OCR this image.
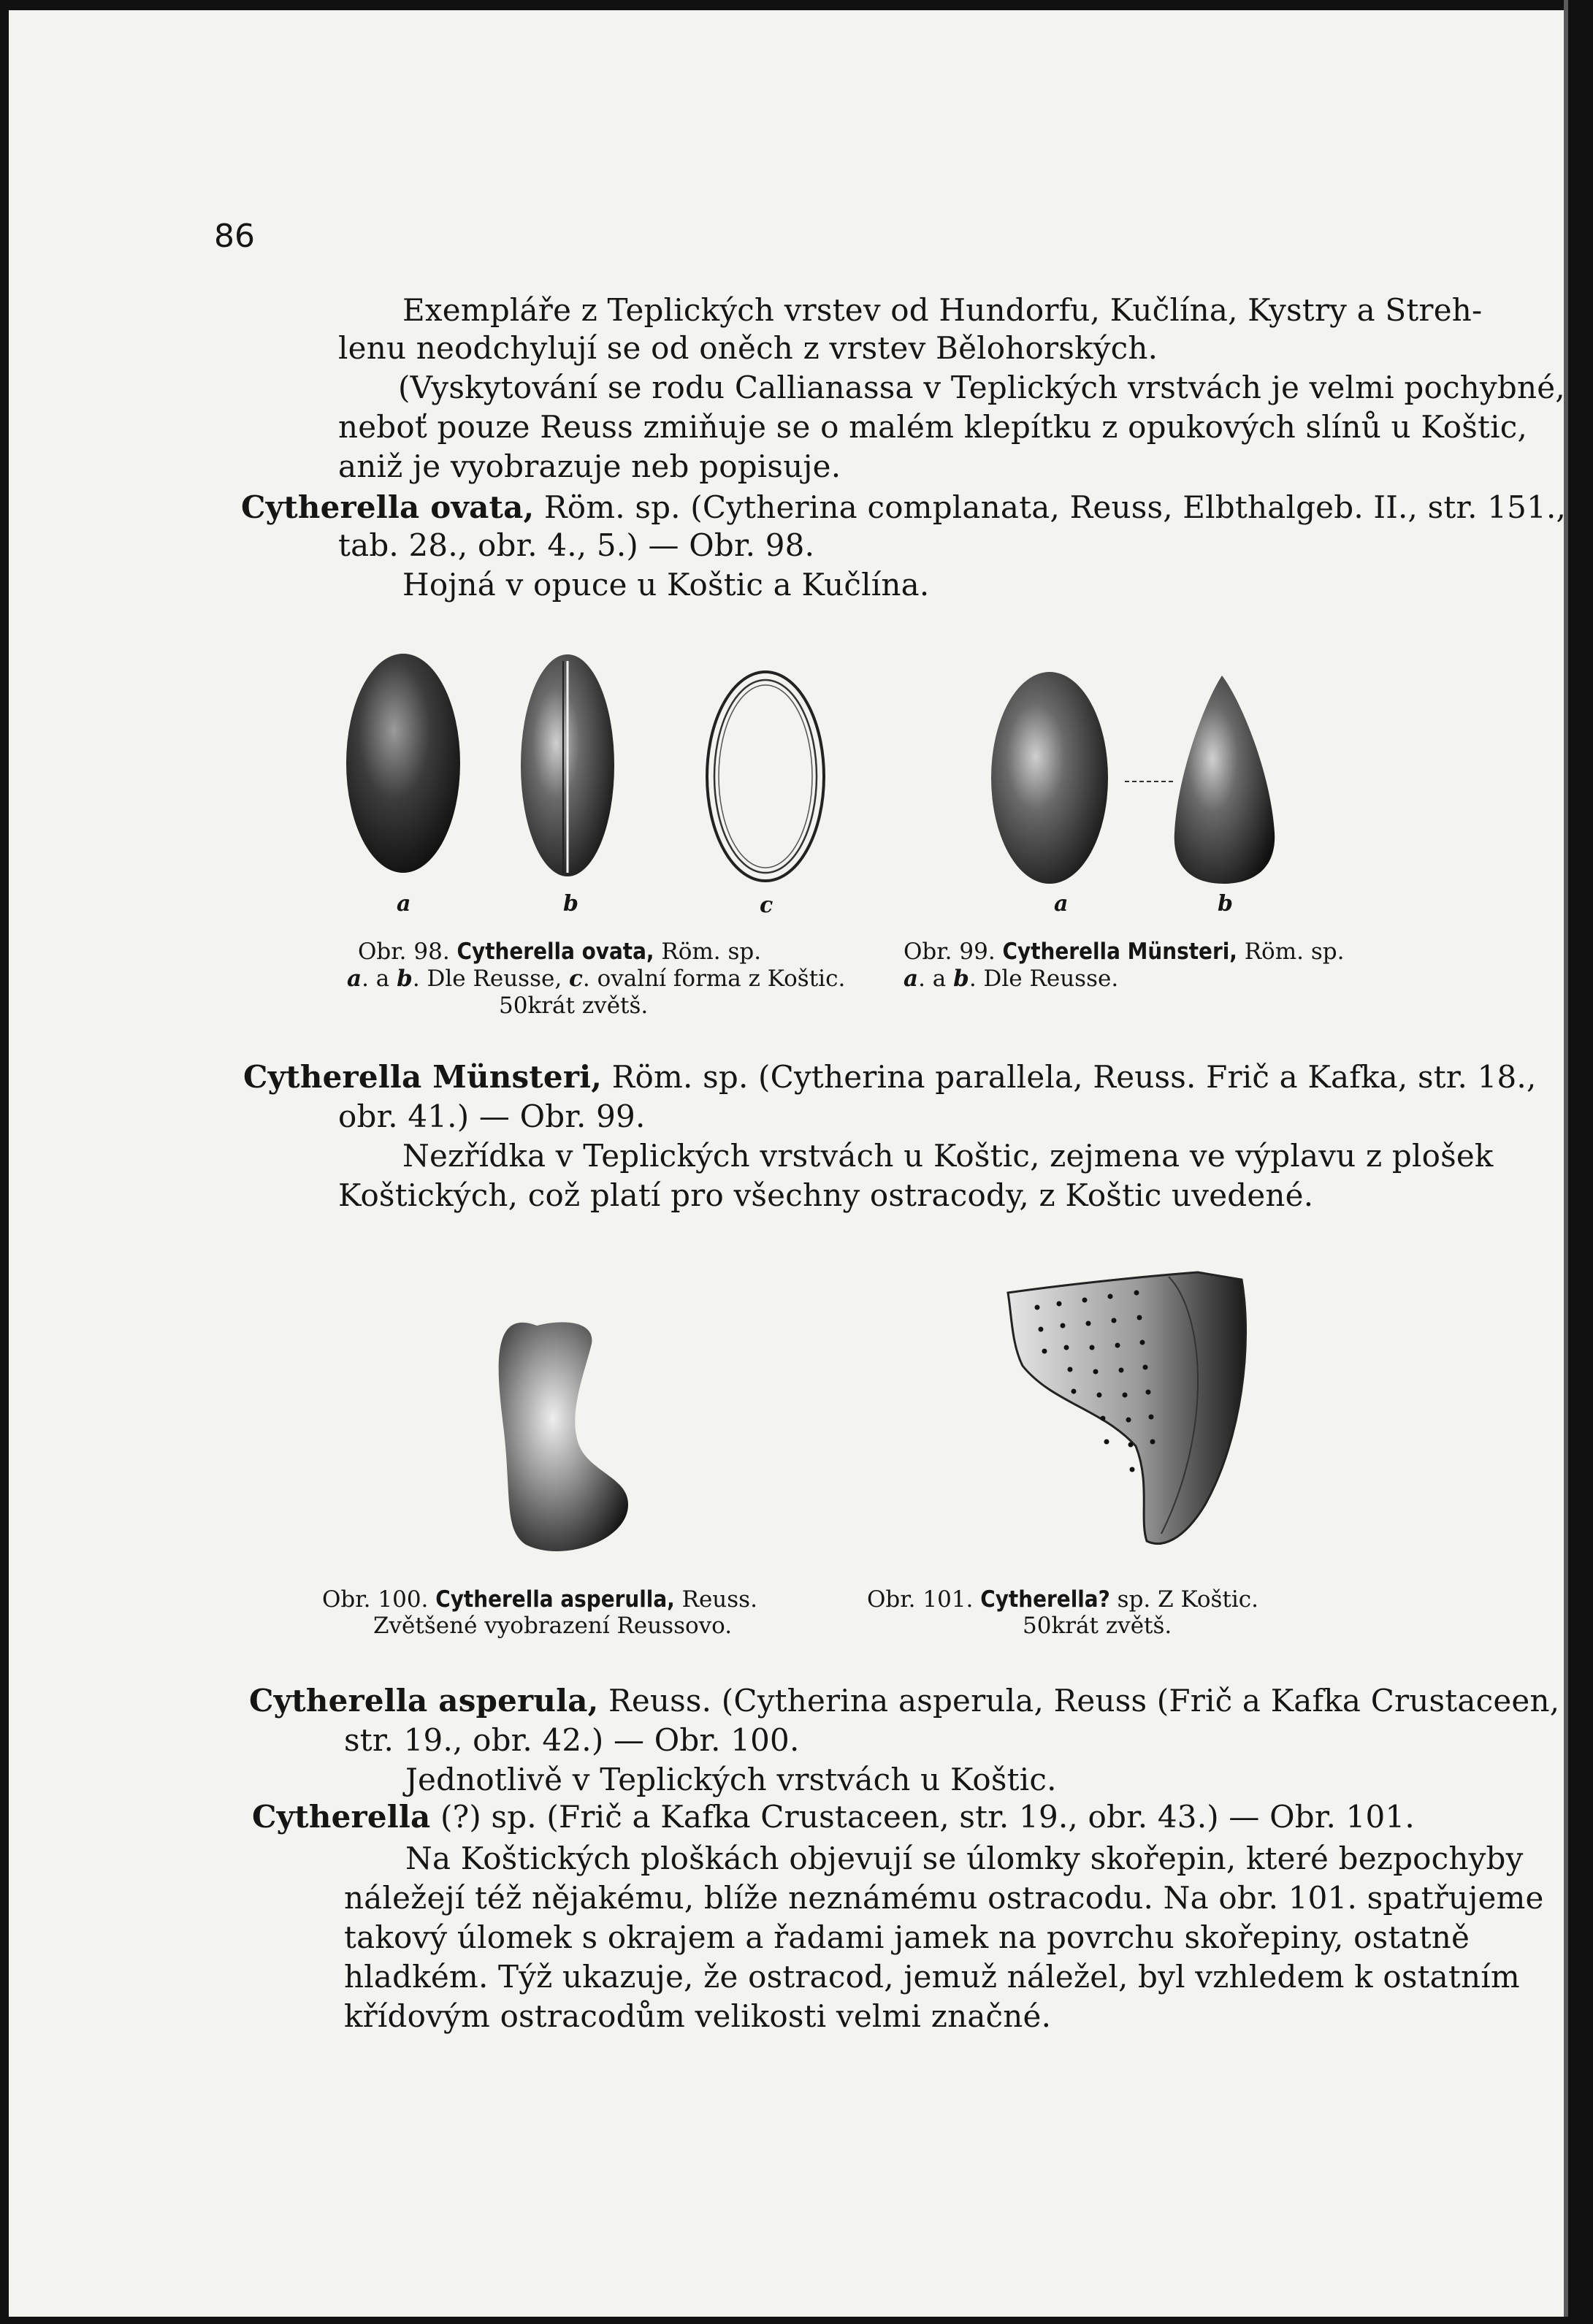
86
Exempláře z Teplických vrstev od Hundorfu, Kučlína, Kystry a Streh-
lenu neodchylují se od oněch z vrstev Bělohorských.
(Vyskytování se rodu Callianassa v Teplických vrstvách je velmi pochybné,
neboť pouze Reuss zmiňuje se o malém klepítku z opukových slínů u Koštic,
aniž je vyobrazuje neb popisuje.
Cytherella ovata, Röm. sp. (Cytherina complanata, Reuss, Elbthalgeb. II., str. 151.,
tab. 28., obr. 4., 5.) — Obr. 98.
Hojná v opuce u Koštic a Kučlína.
a	b	c	a	b
Obr. 98. Cytherella ovata, Röm. sp.
a. a b. Dle Reusse, c. ovalní forma z Koštic.
50krát zvětš.
Obr. 99. Cytherella Münsteri, Röm. sp.
a. a b. Dle Reusse.
Cytherella Münsteri, Röm. sp. (Cytherina parallela, Reuss. Frič a Kafka, str. 18.,
obr. 41.) — Obr. 99.
Nezřídka v Teplických vrstvách u Koštic, zejmena ve výplavu z plošek
Koštických, což platí pro všechny ostracody, z Koštic uvedené.
Obr. 100. Cytherella asperulla, Reuss.
Zvětšené vyobrazení Reussovo.
Obr. 101. Cytherella? sp. Z Koštic.
50krát zvětš.
Cytherella asperula, Reuss. (Cytherina asperula, Reuss (Frič a Kafka Crustaceen,
str. 19., obr. 42.) — Obr. 100.
Jednotlivě v Teplických vrstvách u Koštic.
Cytherella (?) sp. (Frič a Kafka Crustaceen, str. 19., obr. 43.) — Obr. 101.
Na Koštických ploškách objevují se úlomky skořepin, které bezpochyby
náležejí též nějakému, blíže neznámému ostracodu. Na obr. 101. spatřujeme
takový úlomek s okrajem a řadami jamek na povrchu skořepiny, ostatně
hladkém. Týž ukazuje, že ostracod, jemuž náležel, byl vzhledem k ostatním
křídovým ostracodům velikosti velmi značné.
